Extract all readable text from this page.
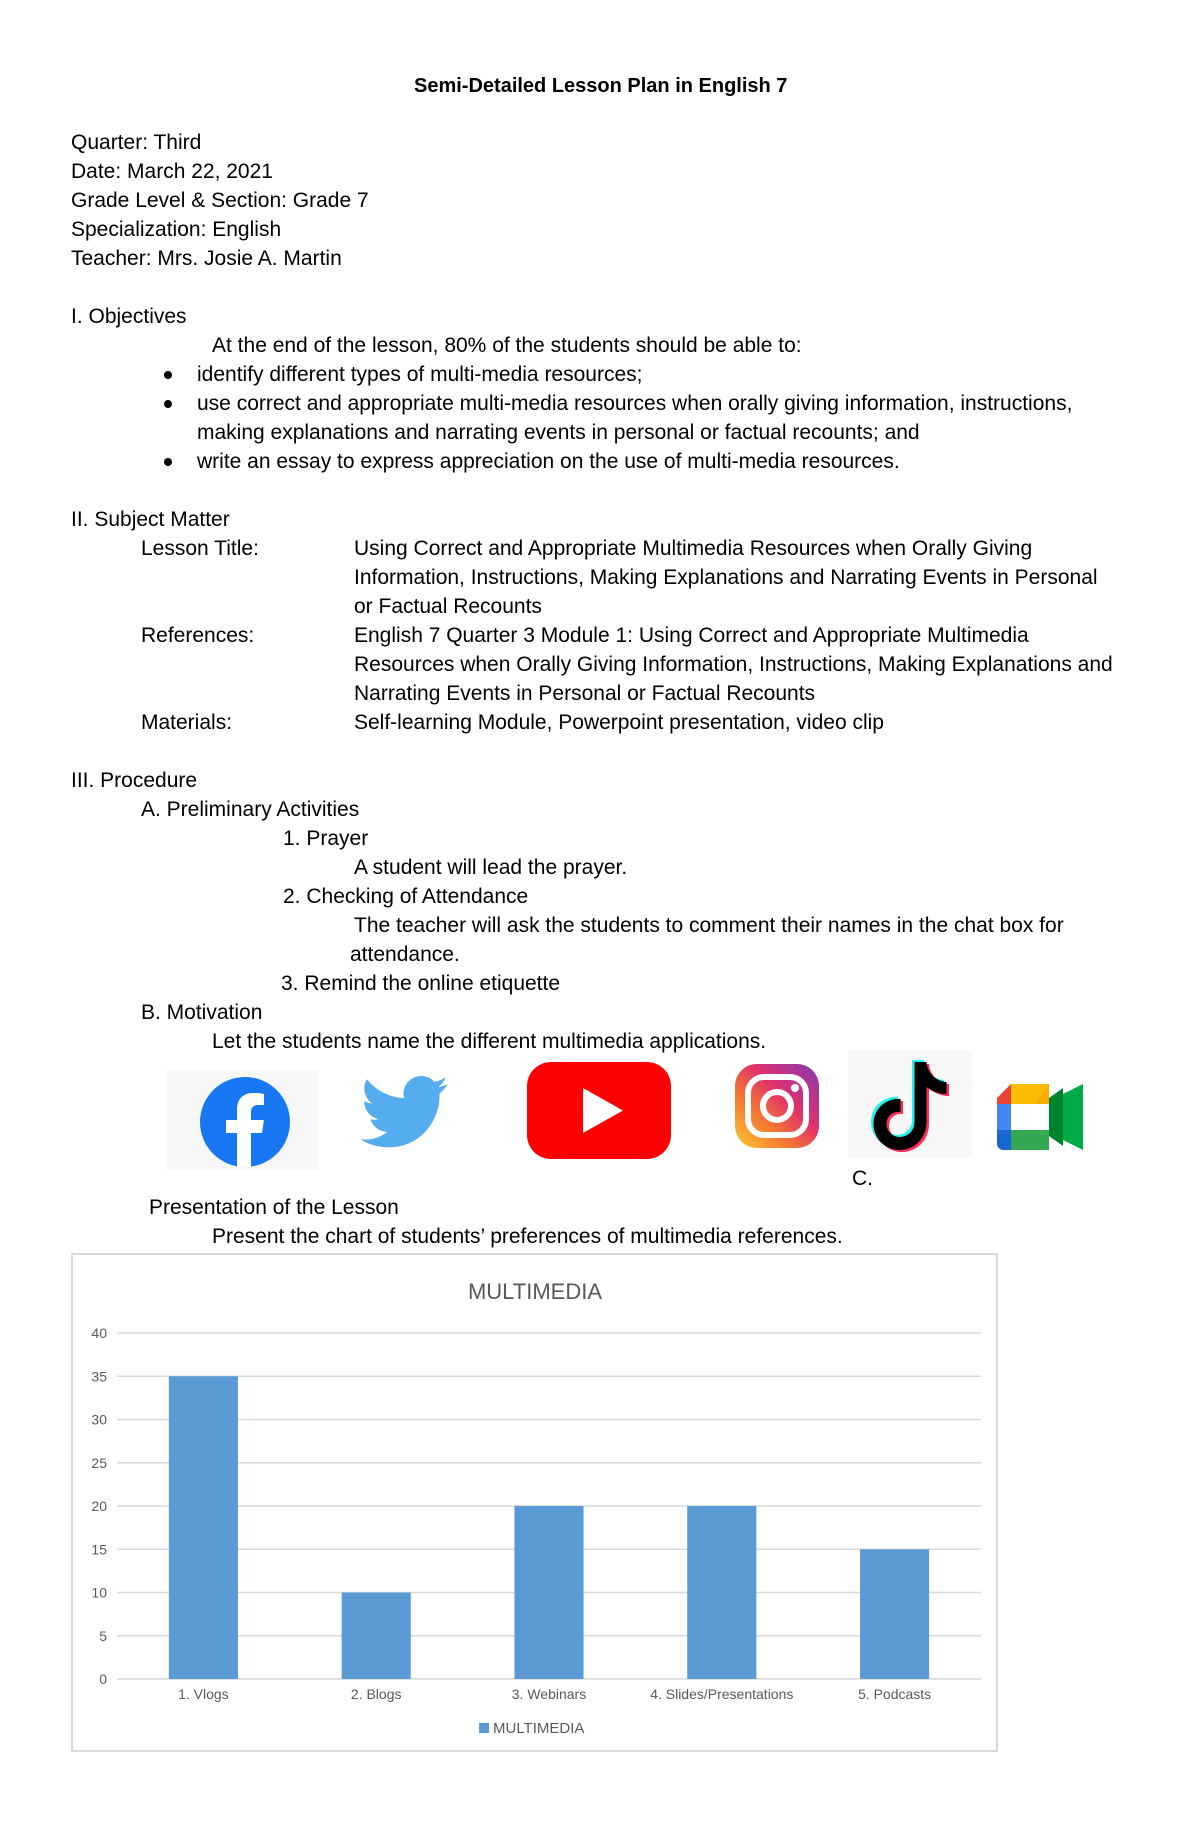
Semi-Detailed Lesson Plan in English 7
Quarter: Third
Date: March 22, 2021
Grade Level & Section: Grade 7
Specialization: English
Teacher: Mrs. Josie A. Martin
I. Objectives
At the end of the lesson, 80% of the students should be able to:
identify different types of multi-media resources;
use correct and appropriate multi-media resources when orally giving information, instructions,
making explanations and narrating events in personal or factual recounts; and
write an essay to express appreciation on the use of multi-media resources.
II. Subject Matter
Lesson Title:	Using Correct and Appropriate Multimedia Resources when Orally Giving
Information, Instructions, Making Explanations and Narrating Events in Personal
or Factual Recounts
References:	English 7 Quarter 3 Module 1: Using Correct and Appropriate Multimedia
Resources when Orally Giving Information, Instructions, Making Explanations and
Narrating Events in Personal or Factual Recounts
Materials:	Self-learning Module, Powerpoint presentation, video clip
III. Procedure
A. Preliminary Activities
1. Prayer
A student will lead the prayer.
2. Checking of Attendance
The teacher will ask the students to comment their names in the chat box for
attendance.
3. Remind the online etiquette
B. Motivation
Let the students name the different multimedia applications.
C.
Presentation of the Lesson
Present the chart of students’ preferences of multimedia references.
MULTIMEDIA
0
5
10
15
20
25
30
35
40
1. Vlogs	2. Blogs	3. Webinars	4. Slides/Presentations	5. Podcasts
MULTIMEDIA
